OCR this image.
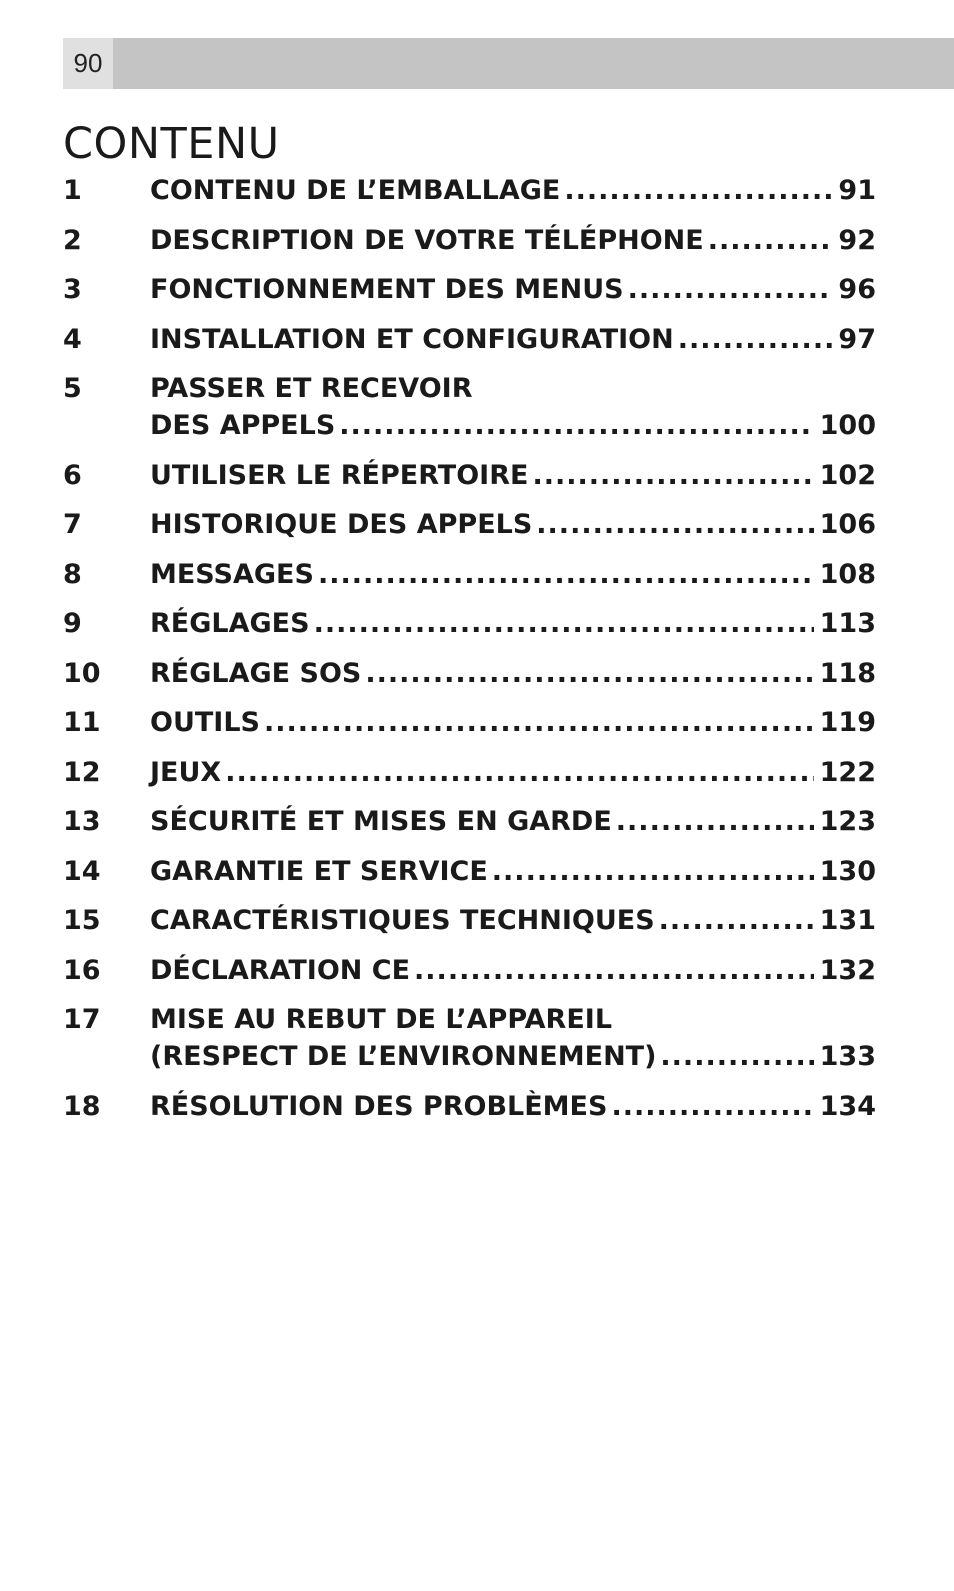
90
CONTENU
1	CONTENU DE L’EMBALLAGE .....	91
2	DESCRIPTION DE VOTRE TÉLÉPHONE .....	92
3	FONCTIONNEMENT DES MENUS .....	96
4	INSTALLATION ET CONFIGURATION .....	97
5	PASSER ET RECEVOIR
DES APPELS .....	100
6	UTILISER LE RÉPERTOIRE .....	102
7	HISTORIQUE DES APPELS .....	106
8	MESSAGES .....	108
9	RÉGLAGES .....	113
10	RÉGLAGE SOS .....	118
11	OUTILS .....	119
12	JEUX .....	122
13	SÉCURITÉ ET MISES EN GARDE .....	123
14	GARANTIE ET SERVICE .....	130
15	CARACTÉRISTIQUES TECHNIQUES .....	131
16	DÉCLARATION CE .....	132
17	MISE AU REBUT DE L’APPAREIL
(RESPECT DE L’ENVIRONNEMENT) .....	133
18	RÉSOLUTION DES PROBLÈMES .....	134
